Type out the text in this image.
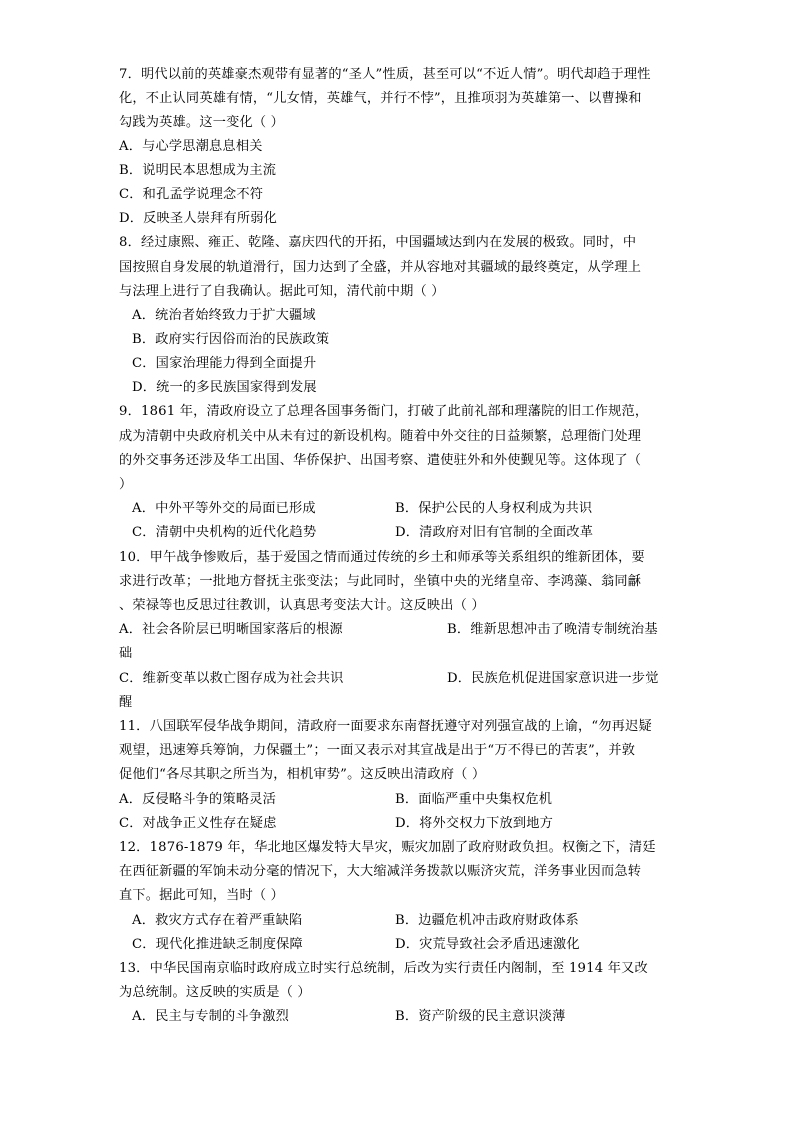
7．明代以前的英雄豪杰观带有显著的“圣人”性质，甚至可以“不近人情”。明代却趋于理性
化，不止认同英雄有情，“儿女情，英雄气，并行不悖”，且推项羽为英雄第一、以曹操和
勾践为英雄。这一变化（ ）
A．与心学思潮息息相关
B．说明民本思想成为主流
C．和孔孟学说理念不符
D．反映圣人崇拜有所弱化
8．经过康熙、雍正、乾隆、嘉庆四代的开拓，中国疆域达到内在发展的极致。同时，中
国按照自身发展的轨道滑行，国力达到了全盛，并从容地对其疆域的最终奠定，从学理上
与法理上进行了自我确认。据此可知，清代前中期（ ）
A．统治者始终致力于扩大疆域
B．政府实行因俗而治的民族政策
C．国家治理能力得到全面提升
D．统一的多民族国家得到发展
9．1861 年，清政府设立了总理各国事务衙门，打破了此前礼部和理藩院的旧工作规范，
成为清朝中央政府机关中从未有过的新设机构。随着中外交往的日益频繁，总理衙门处理
的外交事务还涉及华工出国、华侨保护、出国考察、遣使驻外和外使觐见等。这体现了（
）
A．中外平等外交的局面已形成	B．保护公民的人身权利成为共识
C．清朝中央机构的近代化趋势	D．清政府对旧有官制的全面改革
10．甲午战争惨败后，基于爱国之情而通过传统的乡土和师承等关系组织的维新团体，要
求进行改革；一批地方督抚主张变法；与此同时，坐镇中央的光绪皇帝、李鸿藻、翁同龢
、荣禄等也反思过往教训，认真思考变法大计。这反映出（ ）
A．社会各阶层已明晰国家落后的根源	B．维新思想冲击了晚清专制统治基
础
C．维新变革以救亡图存成为社会共识	D．民族危机促进国家意识进一步觉
醒
11．八国联军侵华战争期间，清政府一面要求东南督抚遵守对列强宣战的上谕，“勿再迟疑
观望，迅速筹兵筹饷，力保疆土”；一面又表示对其宣战是出于“万不得已的苦衷”，并敦
促他们“各尽其职之所当为，相机审势”。这反映出清政府（ ）
A．反侵略斗争的策略灵活	B．面临严重中央集权危机
C．对战争正义性存在疑虑	D．将外交权力下放到地方
12．1876-1879 年，华北地区爆发特大旱灾，赈灾加剧了政府财政负担。权衡之下，清廷
在西征新疆的军饷未动分毫的情况下，大大缩减洋务拨款以赈济灾荒，洋务事业因而急转
直下。据此可知，当时（ ）
A．救灾方式存在着严重缺陷	B．边疆危机冲击政府财政体系
C．现代化推进缺乏制度保障	D．灾荒导致社会矛盾迅速激化
13．中华民国南京临时政府成立时实行总统制，后改为实行责任内阁制，至 1914 年又改
为总统制。这反映的实质是（ ）
A．民主与专制的斗争激烈	B．资产阶级的民主意识淡薄
